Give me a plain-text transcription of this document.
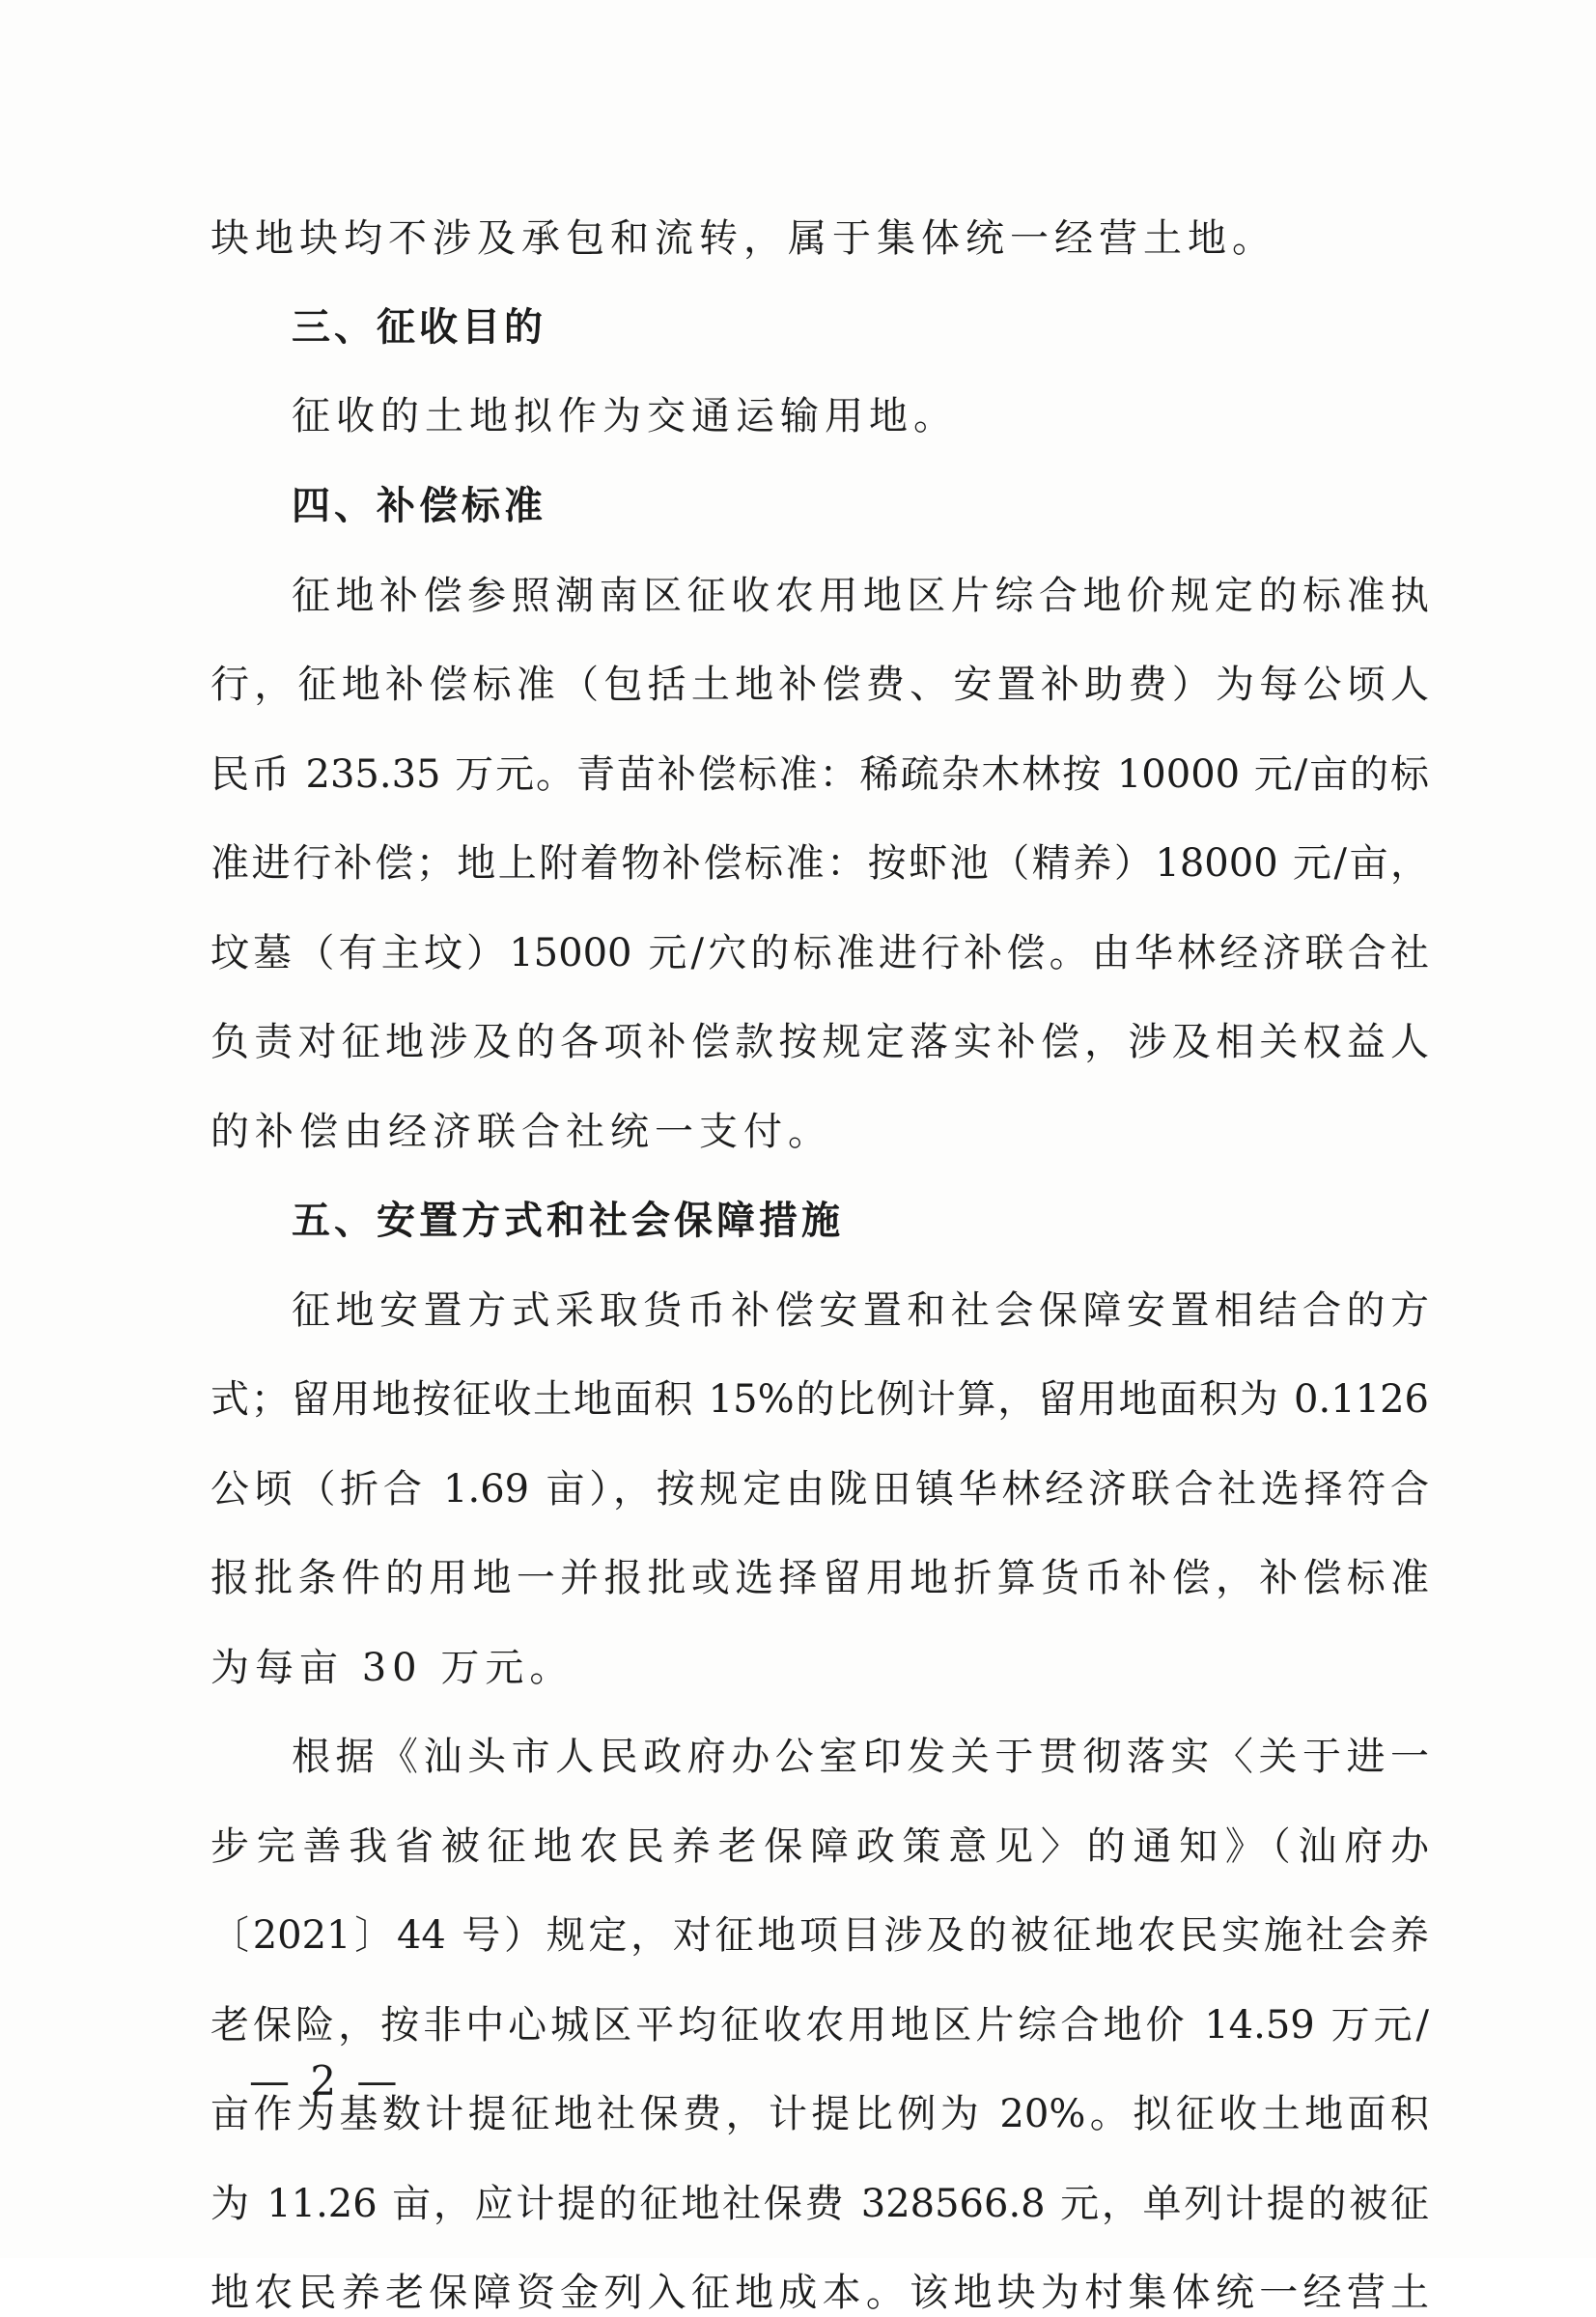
块地块均不涉及承包和流转，属于集体统一经营土地。
三、征收目的
征收的土地拟作为交通运输用地。
四、补偿标准
征地补偿参照潮南区征收农用地区片综合地价规定的标准执
行，征地补偿标准（包括土地补偿费、安置补助费）为每公顷人
民币 235.35 万元。青苗补偿标准：稀疏杂木林按 10000 元/亩的标
准进行补偿；地上附着物补偿标准：按虾池（精养）18000 元/亩，
坟墓（有主坟）15000 元/穴的标准进行补偿。由华林经济联合社
负责对征地涉及的各项补偿款按规定落实补偿，涉及相关权益人
的补偿由经济联合社统一支付。
五、安置方式和社会保障措施
征地安置方式采取货币补偿安置和社会保障安置相结合的方
式；留用地按征收土地面积 15%的比例计算，留用地面积为 0.1126
公顷（折合 1.69 亩），按规定由陇田镇华林经济联合社选择符合
报批条件的用地一并报批或选择留用地折算货币补偿，补偿标准
为每亩 30 万元。
根据《汕头市人民政府办公室印发关于贯彻落实〈关于进一
步完善我省被征地农民养老保障政策意见〉的通知》（汕府办
〔2021〕44 号）规定，对征地项目涉及的被征地农民实施社会养
老保险，按非中心城区平均征收农用地区片综合地价 14.59 万元/
亩作为基数计提征地社保费，计提比例为 20%。拟征收土地面积
为 11.26 亩，应计提的征地社保费 328566.8 元，单列计提的被征
地农民养老保障资金列入征地成本。该地块为村集体统一经营土
— 2 —
